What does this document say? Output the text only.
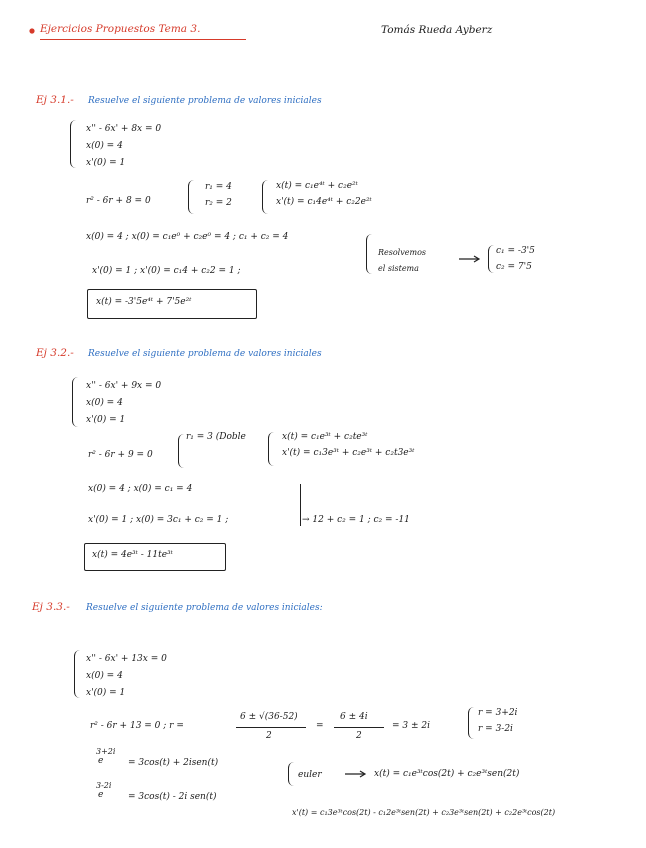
Ejercicios Propuestos Tema 3.	Tomás Rueda Ayberz
Ej 3.1.- Resuelve el siguiente problema de valores iniciales
x'' - 6x' + 8x = 0
x(0) = 4
x'(0) = 1
r² - 6r + 8 = 0
r₁ = 4
r₂ = 2
x(t) = c₁e⁴ᵗ + c₂e²ᵗ
x'(t) = c₁4e⁴ᵗ + c₂2e²ᵗ
x(0) = 4 ; x(0) = c₁e⁰ + c₂e⁰ = 4 ; c₁ + c₂ = 4
x'(0) = 1 ; x'(0) = c₁4 + c₂2 = 1 ;
Resolvemos
el sistema
c₁ = -3'5
c₂ = 7'5
x(t) = -3'5e⁴ᵗ + 7'5e²ᵗ
Ej 3.2.- Resuelve el siguiente problema de valores iniciales
x'' - 6x' + 9x = 0
x(0) = 4
x'(0) = 1
r² - 6r + 9 = 0
r₁ = 3 (Doble	x(t) = c₁e³ᵗ + c₂te³ᵗ
x'(t) = c₁3e³ᵗ + c₂e³ᵗ + c₂t3e³ᵗ
x(0) = 4 ; x(0) = c₁ = 4
x'(0) = 1 ; x(0) = 3c₁ + c₂ = 1 ;	→ 12 + c₂ = 1 ; c₂ = -11
x(t) = 4e³ᵗ - 11te³ᵗ
Ej 3.3.- Resuelve el siguiente problema de valores iniciales:
x'' - 6x' + 13x = 0
x(0) = 4
x'(0) = 1
r² - 6r + 13 = 0 ; r =
6 ± √(36-52)
2
=
6 ± 4i
2
= 3 ± 2i
r = 3+2i
r = 3-2i
3+2i
e	= 3cos(t) + 2isen(t)
3-2i
e	= 3cos(t) - 2i sen(t)
euler	x(t) = c₁e³ᵗcos(2t) + c₂e³ᵗsen(2t)
x'(t) = c₁3e³ᵗcos(2t) - c₁2e³ᵗsen(2t) + c₂3e³ᵗsen(2t) + c₂2e³ᵗcos(2t)
